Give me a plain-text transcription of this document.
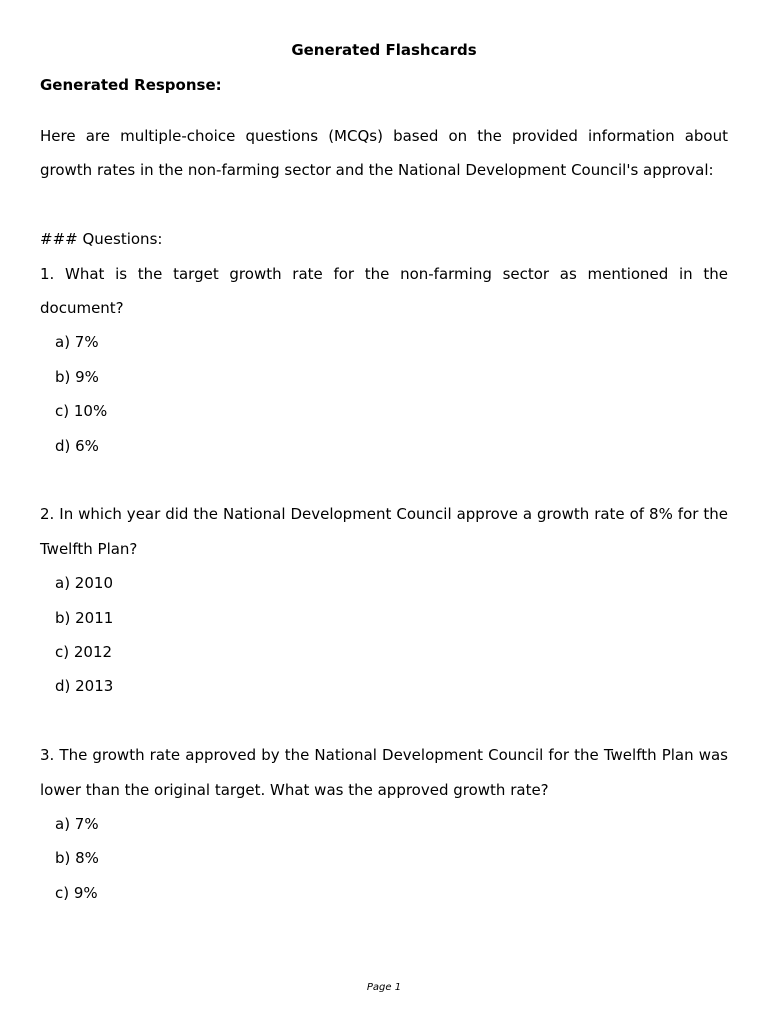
Generated Flashcards
Generated Response:

Here are multiple-choice questions (MCQs) based on the provided information about growth rates in the non-farming sector and the National Development Council's approval:

### Questions:

1. What is the target growth rate for the non-farming sector as mentioned in the document?

a) 7%

b) 9%

c) 10%

d) 6%

2. In which year did the National Development Council approve a growth rate of 8% for the Twelfth Plan?

a) 2010

b) 2011

c) 2012

d) 2013

3. The growth rate approved by the National Development Council for the Twelfth Plan was lower than the original target. What was the approved growth rate?

a) 7%

b) 8%

c) 9%

Page 1
